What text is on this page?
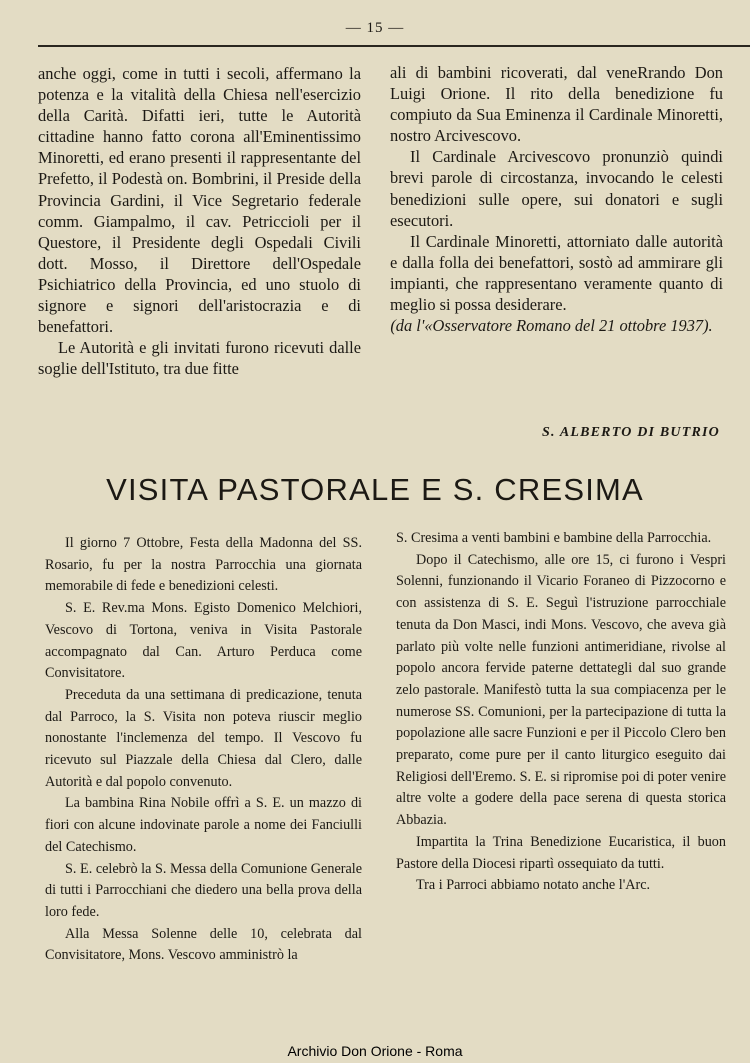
— 15 —

anche oggi, come in tutti i secoli, affermano la potenza e la vitalità della Chiesa nell'esercizio della Carità. Difatti ieri, tutte le Autorità cittadine hanno fatto corona all'Eminentissimo Minoretti, ed erano presenti il rappresentante del Prefetto, il Podestà on. Bombrini, il Preside della Provincia Gardini, il Vice Segretario federale comm. Giampalmo, il cav. Petriccioli per il Questore, il Presidente degli Ospedali Civili dott. Mosso, il Direttore dell'Ospedale Psichiatrico della Provincia, ed uno stuolo di signore e signori dell'aristocrazia e di benefattori.

Le Autorità e gli invitati furono ricevuti dalle soglie dell'Istituto, tra due fitte

ali di bambini ricoverati, dal veneRrando Don Luigi Orione. Il rito della benedizione fu compiuto da Sua Eminenza il Cardinale Minoretti, nostro Arcivescovo.

Il Cardinale Arcivescovo pronunziò quindi brevi parole di circostanza, invocando le celesti benedizioni sulle opere, sui donatori e sugli esecutori.

Il Cardinale Minoretti, attorniato dalle autorità e dalla folla dei benefattori, sostò ad ammirare gli impianti, che rappresentano veramente quanto di meglio si possa desiderare.

(da l'«Osservatore Romano del 21 ottobre 1937).

S. ALBERTO DI BUTRIO
VISITA PASTORALE E S. CRESIMA

Il giorno 7 Ottobre, Festa della Madonna del SS. Rosario, fu per la nostra Parrocchia una giornata memorabile di fede e benedizioni celesti.

S. E. Rev.ma Mons. Egisto Domenico Melchiori, Vescovo di Tortona, veniva in Visita Pastorale accompagnato dal Can. Arturo Perduca come Convisitatore.

Preceduta da una settimana di predicazione, tenuta dal Parroco, la S. Visita non poteva riuscir meglio nonostante l'inclemenza del tempo. Il Vescovo fu ricevuto sul Piazzale della Chiesa dal Clero, dalle Autorità e dal popolo convenuto.

La bambina Rina Nobile offrì a S. E. un mazzo di fiori con alcune indovinate parole a nome dei Fanciulli del Catechismo.

S. E. celebrò la S. Messa della Comunione Generale di tutti i Parrocchiani che diedero una bella prova della loro fede.

Alla Messa Solenne delle 10, celebrata dal Convisitatore, Mons. Vescovo amministrò la

S. Cresima a venti bambini e bambine della Parrocchia.

Dopo il Catechismo, alle ore 15, ci furono i Vespri Solenni, funzionando il Vicario Foraneo di Pizzocorno e con assistenza di S. E. Seguì l'istruzione parrocchiale tenuta da Don Masci, indi Mons. Vescovo, che aveva già parlato più volte nelle funzioni antimeridiane, rivolse al popolo ancora fervide paterne dettategli dal suo grande zelo pastorale. Manifestò tutta la sua compiacenza per le numerose SS. Comunioni, per la partecipazione di tutta la popolazione alle sacre Funzioni e per il Piccolo Clero ben preparato, come pure per il canto liturgico eseguito dai Religiosi dell'Eremo. S. E. si ripromise poi di poter venire altre volte a godere della pace serena di questa storica Abbazia.

Impartita la Trina Benedizione Eucaristica, il buon Pastore della Diocesi ripartì ossequiato da tutti.

Tra i Parroci abbiamo notato anche l'Arc.

Archivio Don Orione - Roma
